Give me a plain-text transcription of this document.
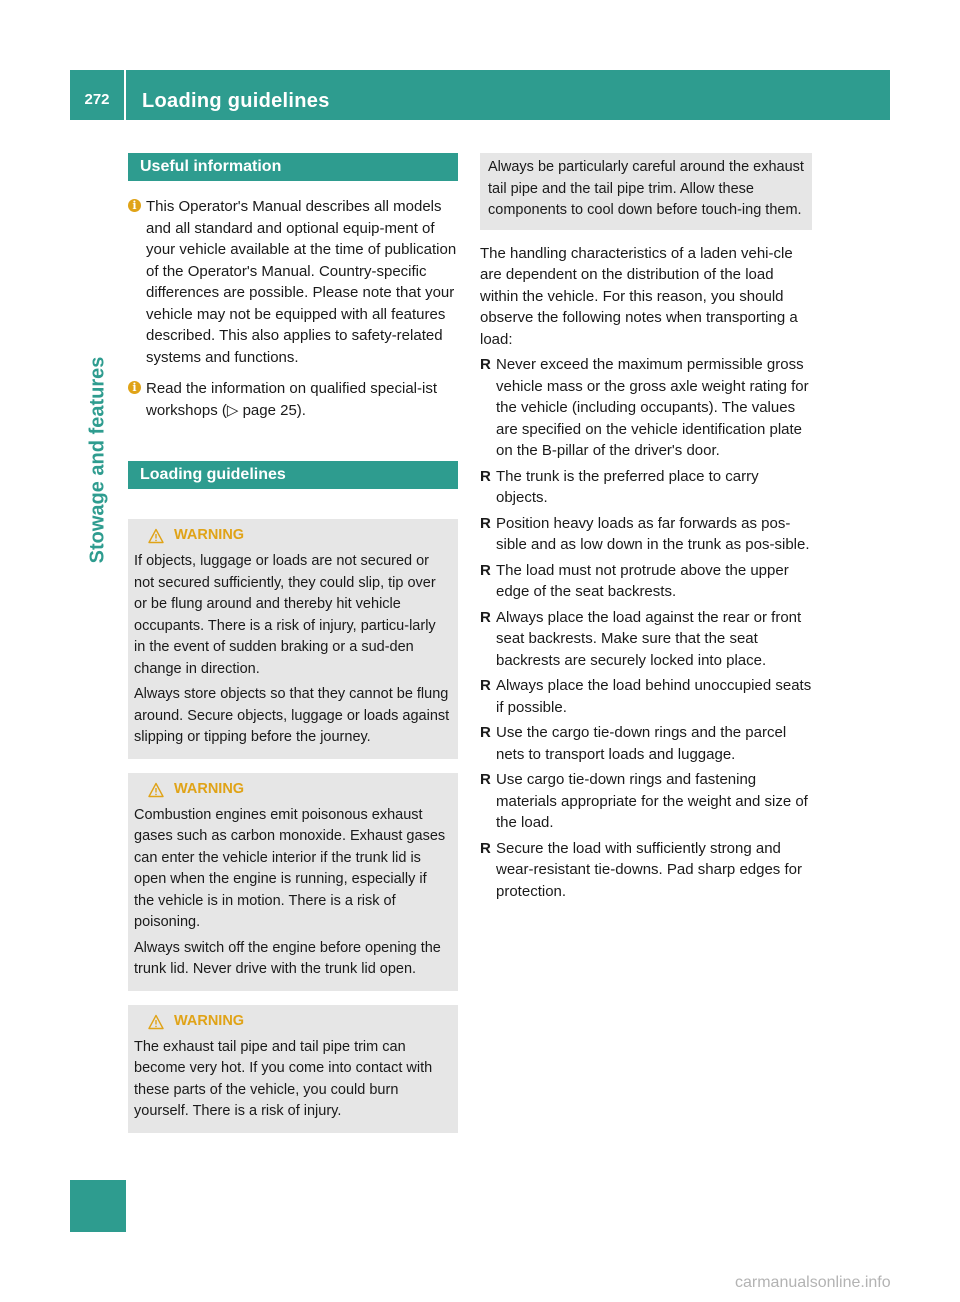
272	Loading guidelines
Stowage and features
Useful information
i This Operator's Manual describes all models and all standard and optional equip-ment of your vehicle available at the time of publication of the Operator's Manual. Country-specific differences are possible. Please note that your vehicle may not be equipped with all features described. This also applies to safety-related systems and functions.
i Read the information on qualified special-ist workshops (▷ page 25).
Loading guidelines
WARNING

If objects, luggage or loads are not secured or not secured sufficiently, they could slip, tip over or be flung around and thereby hit vehicle occupants. There is a risk of injury, particu-larly in the event of sudden braking or a sud-den change in direction.

Always store objects so that they cannot be flung around. Secure objects, luggage or loads against slipping or tipping before the journey.

WARNING

Combustion engines emit poisonous exhaust gases such as carbon monoxide. Exhaust gases can enter the vehicle interior if the trunk lid is open when the engine is running, especially if the vehicle is in motion. There is a risk of poisoning.

Always switch off the engine before opening the trunk lid. Never drive with the trunk lid open.

WARNING

The exhaust tail pipe and tail pipe trim can become very hot. If you come into contact with these parts of the vehicle, you could burn yourself. There is a risk of injury.

Always be particularly careful around the exhaust tail pipe and the tail pipe trim. Allow these components to cool down before touch-ing them.
The handling characteristics of a laden vehi-cle are dependent on the distribution of the load within the vehicle. For this reason, you should observe the following notes when transporting a load:
R Never exceed the maximum permissible gross vehicle mass or the gross axle weight rating for the vehicle (including occupants). The values are specified on the vehicle identification plate on the B-pillar of the driver's door.
R The trunk is the preferred place to carry objects.
R Position heavy loads as far forwards as pos-sible and as low down in the trunk as pos-sible.
R The load must not protrude above the upper edge of the seat backrests.
R Always place the load against the rear or front seat backrests. Make sure that the seat backrests are securely locked into place.
R Always place the load behind unoccupied seats if possible.
R Use the cargo tie-down rings and the parcel nets to transport loads and luggage.
R Use cargo tie-down rings and fastening materials appropriate for the weight and size of the load.
R Secure the load with sufficiently strong and wear-resistant tie-downs. Pad sharp edges for protection.
carmanualsonline.info
